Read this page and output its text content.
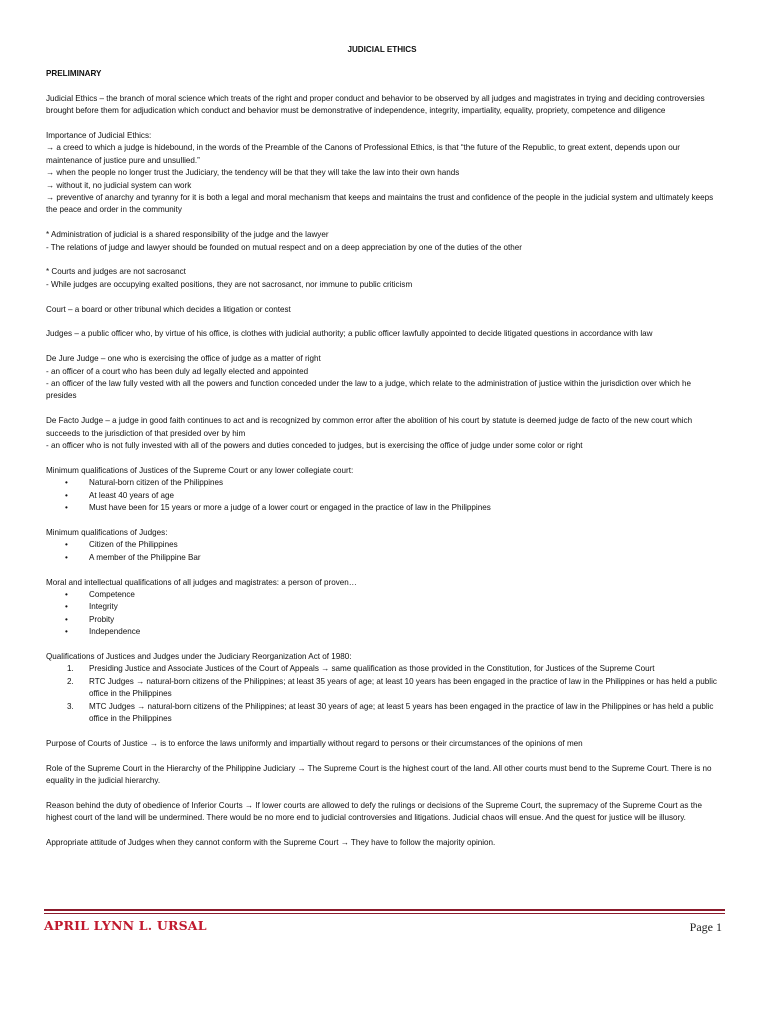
JUDICIAL ETHICS
PRELIMINARY

Judicial Ethics – the branch of moral science which treats of the right and proper conduct and behavior to be observed by all judges and magistrates in trying and deciding controversies brought before them for adjudication which conduct and behavior must be demonstrative of independence, integrity, impartiality, equality, propriety, competence and diligence

Importance of Judicial Ethics:
→ a creed to which a judge is hidebound, in the words of the Preamble of the Canons of Professional Ethics, is that “the future of the Republic, to great extent, depends upon our maintenance of justice pure and unsullied.”
→ when the people no longer trust the Judiciary, the tendency will be that they will take the law into their own hands
→ without it, no judicial system can work
→ preventive of anarchy and tyranny for it is both a legal and moral mechanism that keeps and maintains the trust and confidence of the people in the judicial system and ultimately keeps the peace and order in the community
* Administration of judicial is a shared responsibility of the judge and the lawyer
- The relations of judge and lawyer should be founded on mutual respect and on a deep appreciation by one of the duties of the other
* Courts and judges are not sacrosanct
- While judges are occupying exalted positions, they are not sacrosanct, nor immune to public criticism

Court – a board or other tribunal which decides a litigation or contest

Judges – a public officer who, by virtue of his office, is clothes with judicial authority; a public officer lawfully appointed to decide litigated questions in accordance with law

De Jure Judge – one who is exercising the office of judge as a matter of right
- an officer of a court who has been duly ad legally elected and appointed
- an officer of the law fully vested with all the powers and function conceded under the law to a judge, which relate to the administration of justice within the jurisdiction over which he presides
De Facto Judge – a judge in good faith continues to act and is recognized by common error after the abolition of his court by statute is deemed judge de facto of the new court which succeeds to the jurisdiction of that presided over by him
- an officer who is not fully invested with all of the powers and duties conceded to judges, but is exercising the office of judge under some color or right
Minimum qualifications of Justices of the Supreme Court or any lower collegiate court:
•	Natural-born citizen of the Philippines
•	At least 40 years of age
•	Must have been for 15 years or more a judge of a lower court or engaged in the practice of law in the Philippines
Minimum qualifications of Judges:
•	Citizen of the Philippines
•	A member of the Philippine Bar
Moral and intellectual qualifications of all judges and magistrates: a person of proven…
•	Competence
•	Integrity
•	Probity
•	Independence
Qualifications of Justices and Judges under the Judiciary Reorganization Act of 1980:
1. Presiding Justice and Associate Justices of the Court of Appeals → same qualification as those provided in the Constitution, for Justices of the Supreme Court
2. RTC Judges → natural-born citizens of the Philippines; at least 35 years of age; at least 10 years has been engaged in the practice of law in the Philippines or has held a public office in the Philippines
3. MTC Judges → natural-born citizens of the Philippines; at least 30 years of age; at least 5 years has been engaged in the practice of law in the Philippines or has held a public office in the Philippines

Purpose of Courts of Justice → is to enforce the laws uniformly and impartially without regard to persons or their circumstances of the opinions of men

Role of the Supreme Court in the Hierarchy of the Philippine Judiciary → The Supreme Court is the highest court of the land. All other courts must bend to the Supreme Court. There is no equality in the judicial hierarchy.

Reason behind the duty of obedience of Inferior Courts → If lower courts are allowed to defy the rulings or decisions of the Supreme Court, the supremacy of the Supreme Court as the highest court of the land will be undermined. There would be no more end to judicial controversies and litigations. Judicial chaos will ensue. And the quest for justice will be illusory.

Appropriate attitude of Judges when they cannot conform with the Supreme Court → They have to follow the majority opinion.

APRIL LYNN L. URSAL	Page 1
